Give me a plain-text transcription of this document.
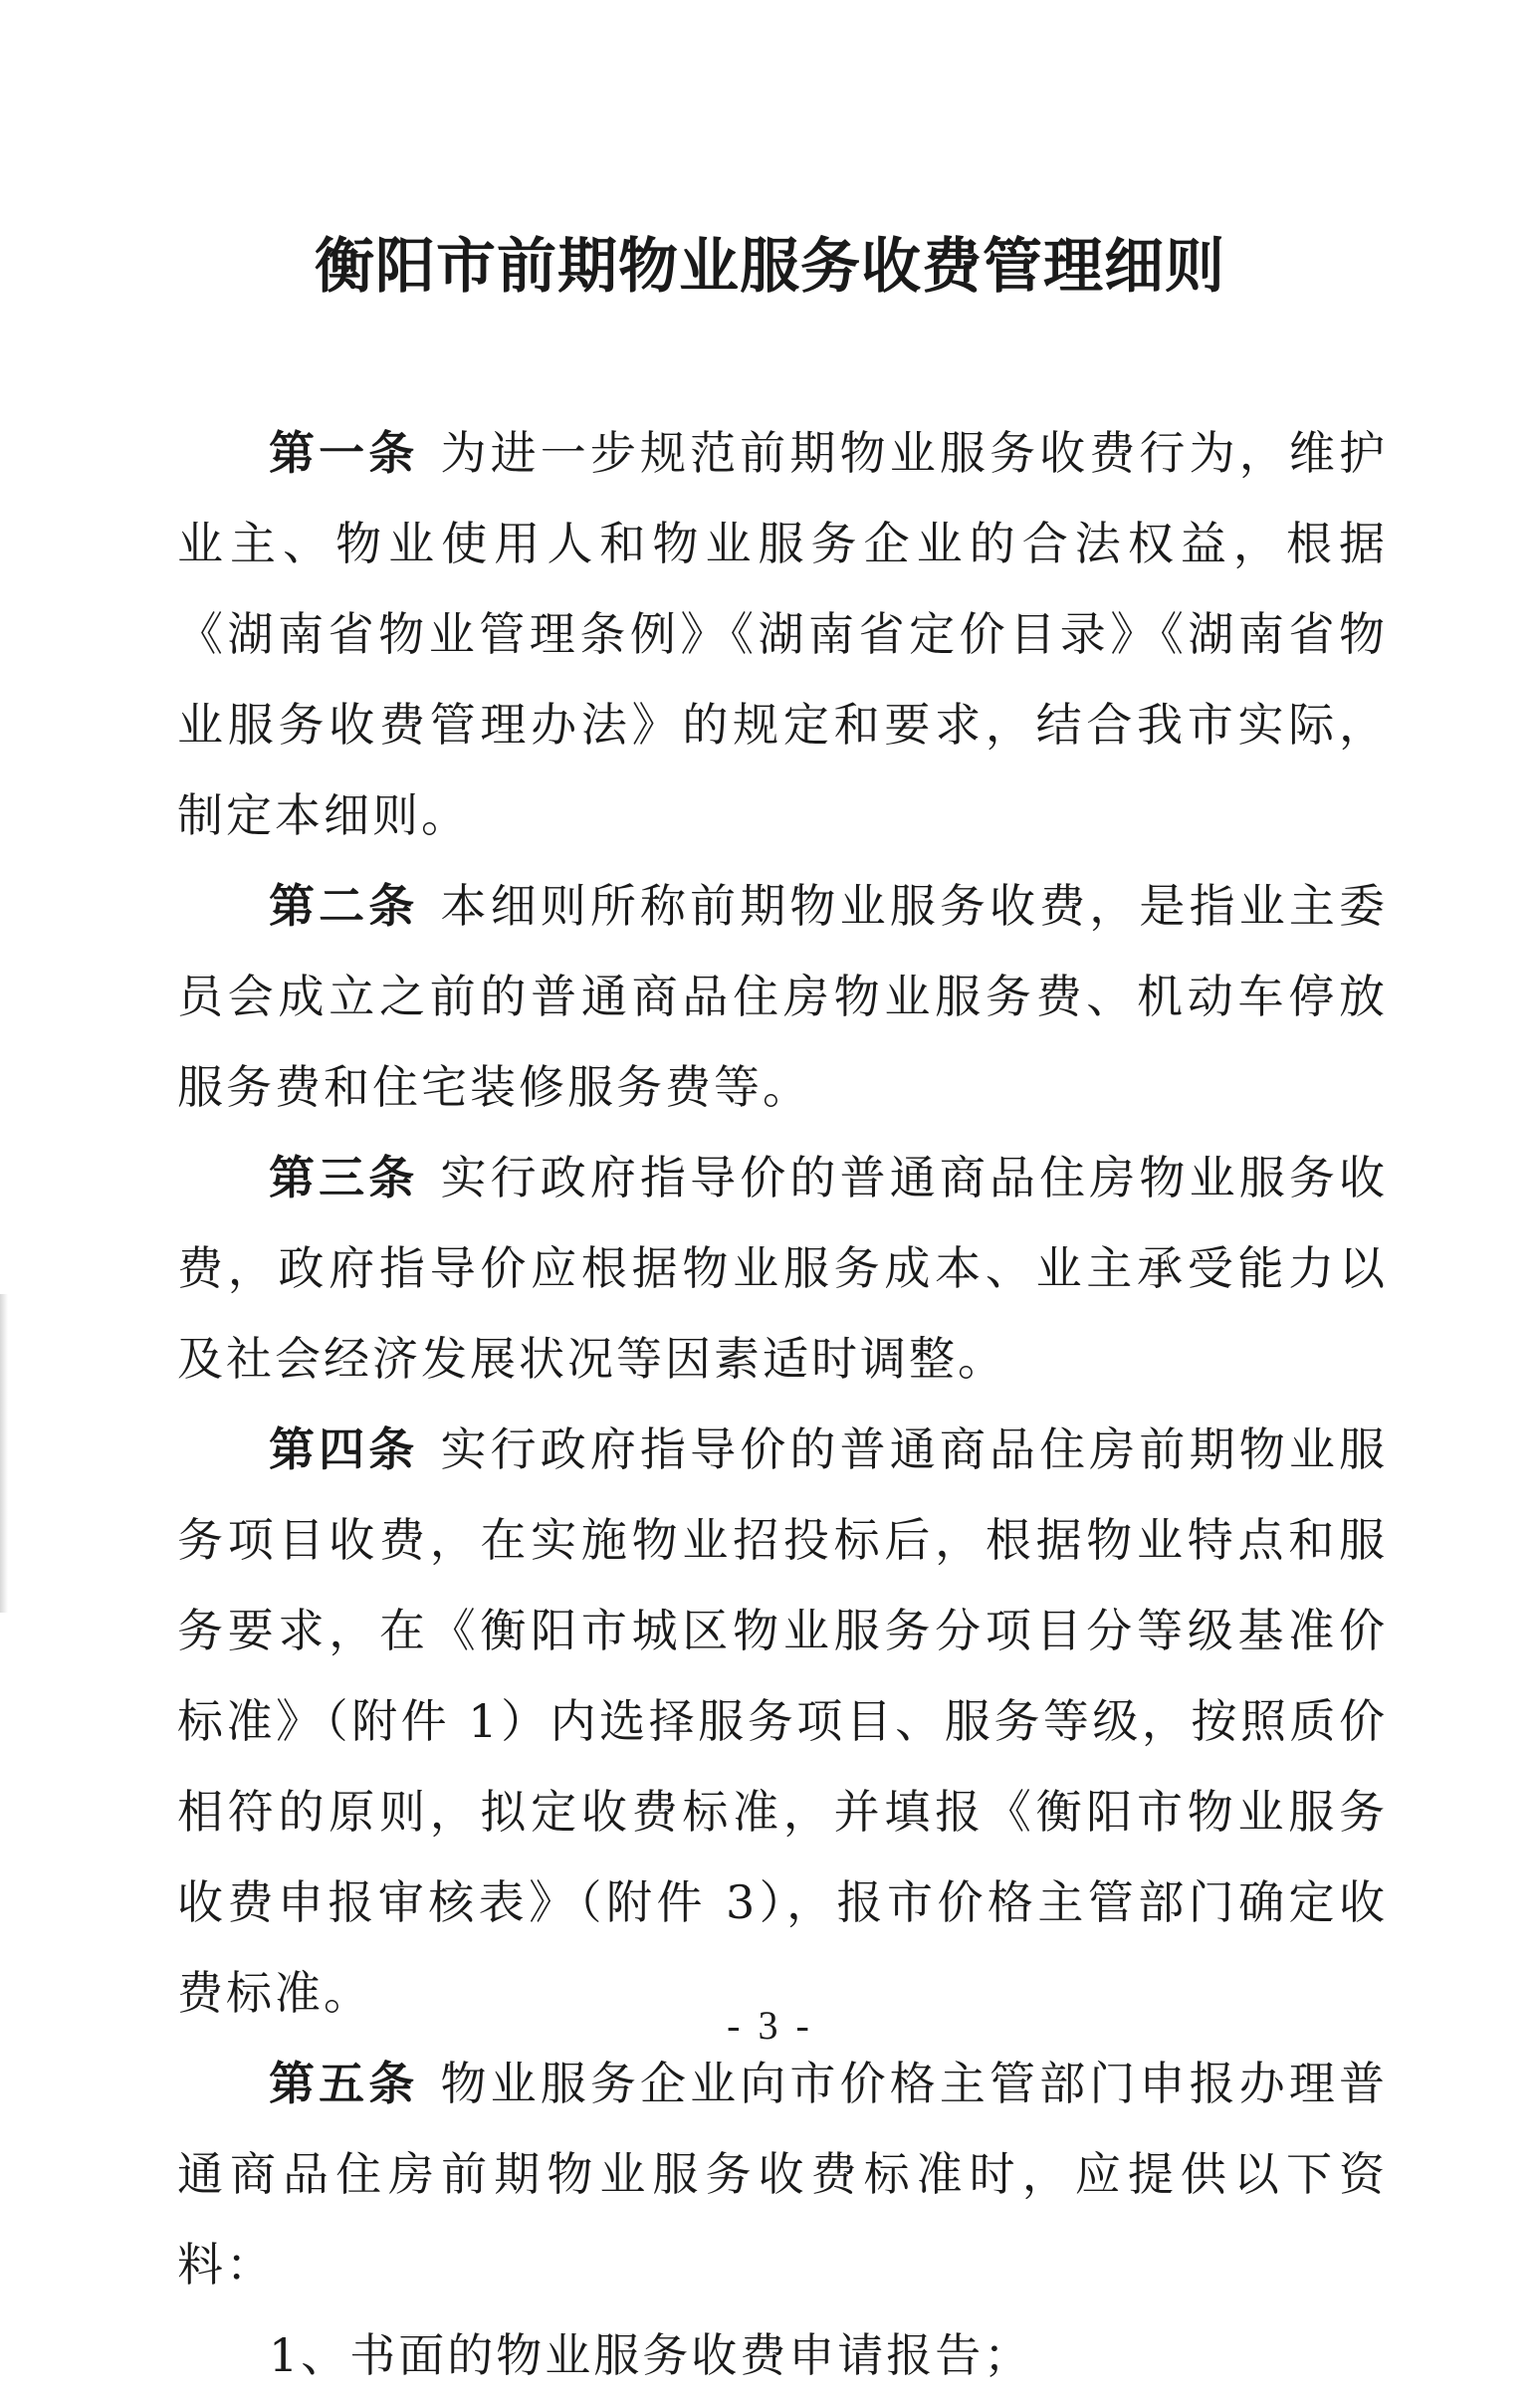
衡阳市前期物业服务收费管理细则

第一条 为进一步规范前期物业服务收费行为，维护业主、物业使用人和物业服务企业的合法权益，根据《湖南省物业管理条例》《湖南省定价目录》《湖南省物业服务收费管理办法》的规定和要求，结合我市实际，制定本细则。

第二条 本细则所称前期物业服务收费，是指业主委员会成立之前的普通商品住房物业服务费、机动车停放服务费和住宅装修服务费等。

第三条 实行政府指导价的普通商品住房物业服务收费，政府指导价应根据物业服务成本、业主承受能力以及社会经济发展状况等因素适时调整。

第四条 实行政府指导价的普通商品住房前期物业服务项目收费，在实施物业招投标后，根据物业特点和服务要求，在《衡阳市城区物业服务分项目分等级基准价标准》（附件 1）内选择服务项目、服务等级，按照质价相符的原则，拟定收费标准，并填报《衡阳市物业服务收费申报审核表》（附件 3），报市价格主管部门确定收费标准。

第五条 物业服务企业向市价格主管部门申报办理普通商品住房前期物业服务收费标准时，应提供以下资料：

1、书面的物业服务收费申请报告；

- 3 -
